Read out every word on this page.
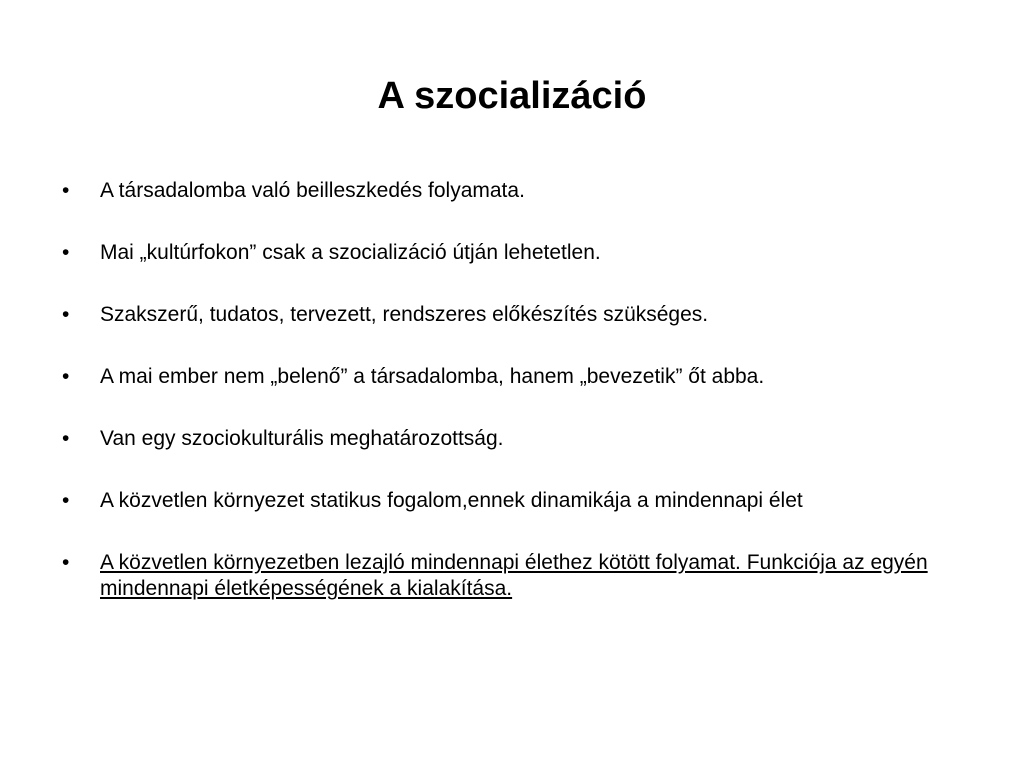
A szocializáció
•	A társadalomba való beilleszkedés folyamata.
•	Mai „kultúrfokon” csak a szocializáció útján lehetetlen.
•	Szakszerű, tudatos, tervezett, rendszeres előkészítés szükséges.
•	A mai ember nem „belenő” a társadalomba, hanem „bevezetik” őt abba.
•	Van egy szociokulturális meghatározottság.
•	A közvetlen környezet statikus fogalom,ennek dinamikája a mindennapi élet
•	A közvetlen környezetben lezajló mindennapi élethez kötött folyamat. Funkciója az egyén mindennapi életképességének a kialakítása.
